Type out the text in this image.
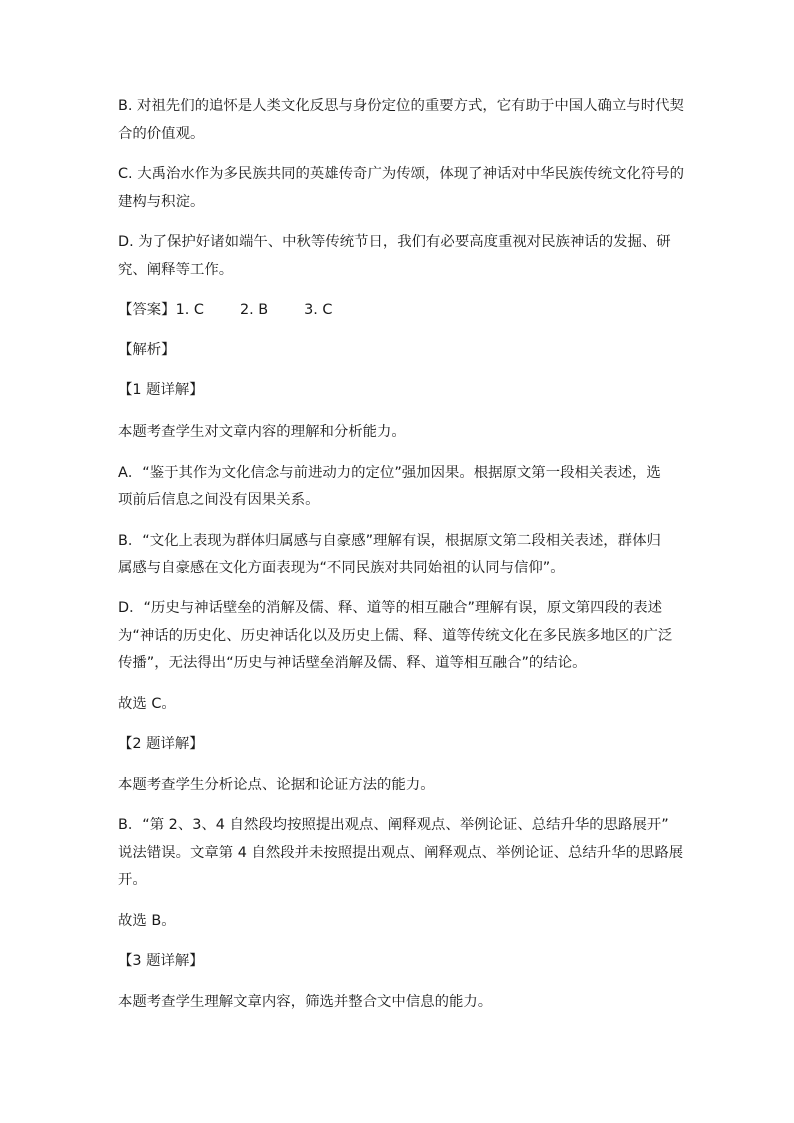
B. 对祖先们的追怀是人类文化反思与身份定位的重要方式，它有助于中国人确立与时代契
合的价值观。
C. 大禹治水作为多民族共同的英雄传奇广为传颂，体现了神话对中华民族传统文化符号的
建构与积淀。
D. 为了保护好诸如端午、中秋等传统节日，我们有必要高度重视对民族神话的发掘、研
究、阐释等工作。
【答案】1. C	2. B	3. C
【解析】
【1 题详解】
本题考查学生对文章内容的理解和分析能力。
A．“鉴于其作为文化信念与前进动力的定位”强加因果。根据原文第一段相关表述，选
项前后信息之间没有因果关系。
B．“文化上表现为群体归属感与自豪感”理解有误，根据原文第二段相关表述，群体归
属感与自豪感在文化方面表现为“不同民族对共同始祖的认同与信仰”。
D．“历史与神话壁垒的消解及儒、释、道等的相互融合”理解有误，原文第四段的表述
为“神话的历史化、历史神话化以及历史上儒、释、道等传统文化在多民族多地区的广泛
传播”，无法得出“历史与神话壁垒消解及儒、释、道等相互融合”的结论。
故选 C。
【2 题详解】
本题考查学生分析论点、论据和论证方法的能力。
B．“第 2、3、4 自然段均按照提出观点、阐释观点、举例论证、总结升华的思路展开”
说法错误。文章第 4 自然段并未按照提出观点、阐释观点、举例论证、总结升华的思路展
开。
故选 B。
【3 题详解】
本题考查学生理解文章内容，筛选并整合文中信息的能力。
